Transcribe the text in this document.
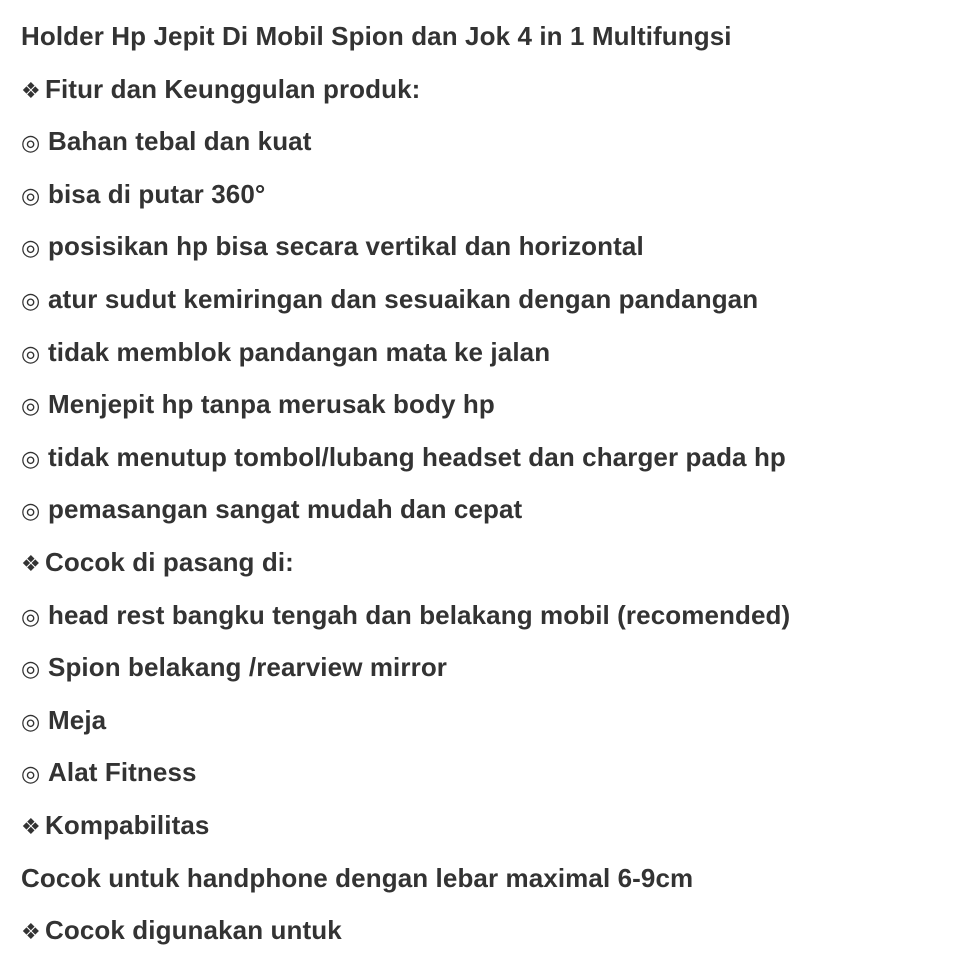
Holder Hp Jepit Di Mobil Spion dan Jok 4 in 1 Multifungsi
❖ Fitur dan Keunggulan produk:
◎ Bahan tebal dan kuat
◎ bisa di putar 360°
◎ posisikan hp bisa secara vertikal dan horizontal
◎ atur sudut kemiringan dan sesuaikan dengan pandangan
◎ tidak memblok pandangan mata ke jalan
◎ Menjepit hp tanpa merusak body hp
◎ tidak menutup tombol/lubang headset dan charger pada hp
◎ pemasangan sangat mudah dan cepat
❖ Cocok di pasang di:
◎ head rest bangku tengah dan belakang mobil (recomended)
◎ Spion belakang /rearview mirror
◎ Meja
◎ Alat Fitness
❖ Kompabilitas
Cocok untuk handphone dengan lebar maximal 6-9cm
❖ Cocok digunakan untuk
